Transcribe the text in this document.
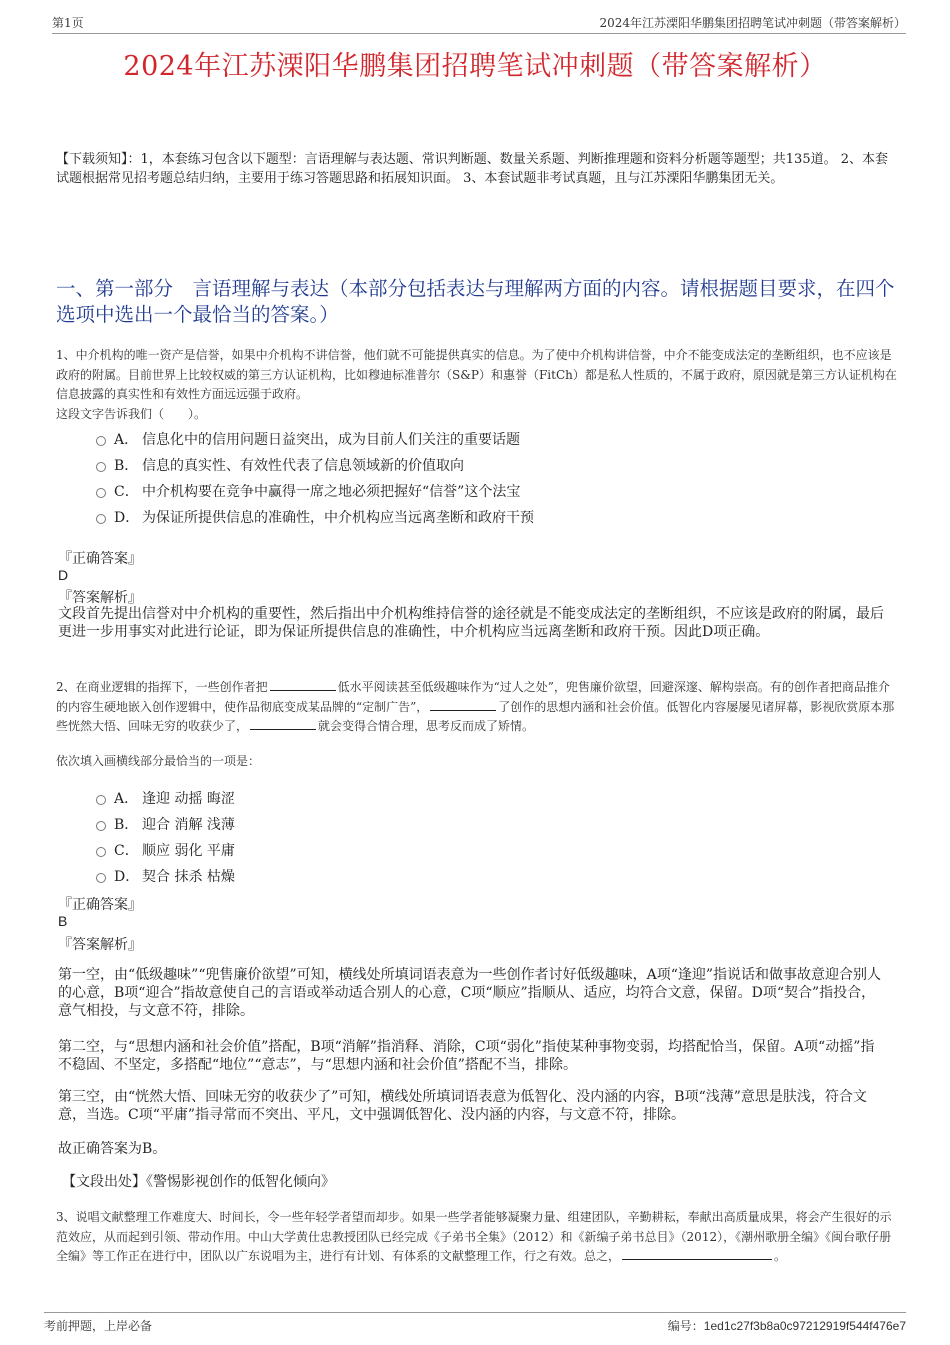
第1页	2024年江苏溧阳华鹏集团招聘笔试冲刺题（带答案解析）
2024年江苏溧阳华鹏集团招聘笔试冲刺题（带答案解析）
【下载须知】：1，本套练习包含以下题型：言语理解与表达题、常识判断题、数量关系题、判断推理题和资料分析题等题型；共135道。 2、本套试题根据常见招考题总结归纳，主要用于练习答题思路和拓展知识面。 3、本套试题非考试真题，且与江苏溧阳华鹏集团无关。
一、第一部分　言语理解与表达（本部分包括表达与理解两方面的内容。请根据题目要求，在四个选项中选出一个最恰当的答案。）
1、中介机构的唯一资产是信誉，如果中介机构不讲信誉，他们就不可能提供真实的信息。为了使中介机构讲信誉，中介不能变成法定的垄断组织，也不应该是政府的附属。目前世界上比较权威的第三方认证机构，比如穆迪标准普尔（S&P）和惠誉（FitCh）都是私人性质的，不属于政府，原因就是第三方认证机构在信息披露的真实性和有效性方面远远强于政府。
这段文字告诉我们（　　）。
A． 信息化中的信用问题日益突出，成为目前人们关注的重要话题
B． 信息的真实性、有效性代表了信息领域新的价值取向
C． 中介机构要在竞争中赢得一席之地必须把握好“信誉”这个法宝
D． 为保证所提供信息的准确性，中介机构应当远离垄断和政府干预
『正确答案』
D
『答案解析』
文段首先提出信誉对中介机构的重要性，然后指出中介机构维持信誉的途径就是不能变成法定的垄断组织，不应该是政府的附属，最后更进一步用事实对此进行论证，即为保证所提供信息的准确性，中介机构应当远离垄断和政府干预。因此D项正确。
2、在商业逻辑的指挥下，一些创作者把	低水平阅读甚至低级趣味作为“过人之处”，兜售廉价欲望，回避深邃、解构崇高。有的创作者把商品推介的内容生硬地嵌入创作逻辑中，使作品彻底变成某品牌的“定制广告”，	了创作的思想内涵和社会价值。低智化内容屡屡见诸屏幕，影视欣赏原本那些恍然大悟、回味无穷的收获少了，	就会变得合情合理，思考反而成了矫情。
依次填入画横线部分最恰当的一项是：
A． 逢迎 动摇 晦涩
B． 迎合 消解 浅薄
C． 顺应 弱化 平庸
D． 契合 抹杀 枯燥
『正确答案』
B
『答案解析』
第一空，由“低级趣味”“兜售廉价欲望”可知，横线处所填词语表意为一些创作者讨好低级趣味，A项“逢迎”指说话和做事故意迎合别人的心意，B项“迎合”指故意使自己的言语或举动适合别人的心意，C项“顺应”指顺从、适应，均符合文意，保留。D项“契合”指投合，意气相投，与文意不符，排除。
第二空，与“思想内涵和社会价值”搭配，B项“消解”指消释、消除，C项“弱化”指使某种事物变弱，均搭配恰当，保留。A项“动摇”指不稳固、不坚定，多搭配“地位”“意志”，与“思想内涵和社会价值”搭配不当，排除。
第三空，由“恍然大悟、回味无穷的收获少了”可知，横线处所填词语表意为低智化、没内涵的内容，B项“浅薄”意思是肤浅，符合文意，当选。C项“平庸”指寻常而不突出、平凡，文中强调低智化、没内涵的内容，与文意不符，排除。
故正确答案为B。
【文段出处】《警惕影视创作的低智化倾向》
3、说唱文献整理工作难度大、时间长，令一些年轻学者望而却步。如果一些学者能够凝聚力量、组建团队，辛勤耕耘，奉献出高质量成果，将会产生很好的示范效应，从而起到引领、带动作用。中山大学黄仕忠教授团队已经完成《子弟书全集》（2012）和《新编子弟书总目》（2012），《潮州歌册全编》《闽台歌仔册全编》等工作正在进行中，团队以广东说唱为主，进行有计划、有体系的文献整理工作，行之有效。总之，	。
考前押题，上岸必备	编号：1ed1c27f3b8a0c97212919f544f476e7
